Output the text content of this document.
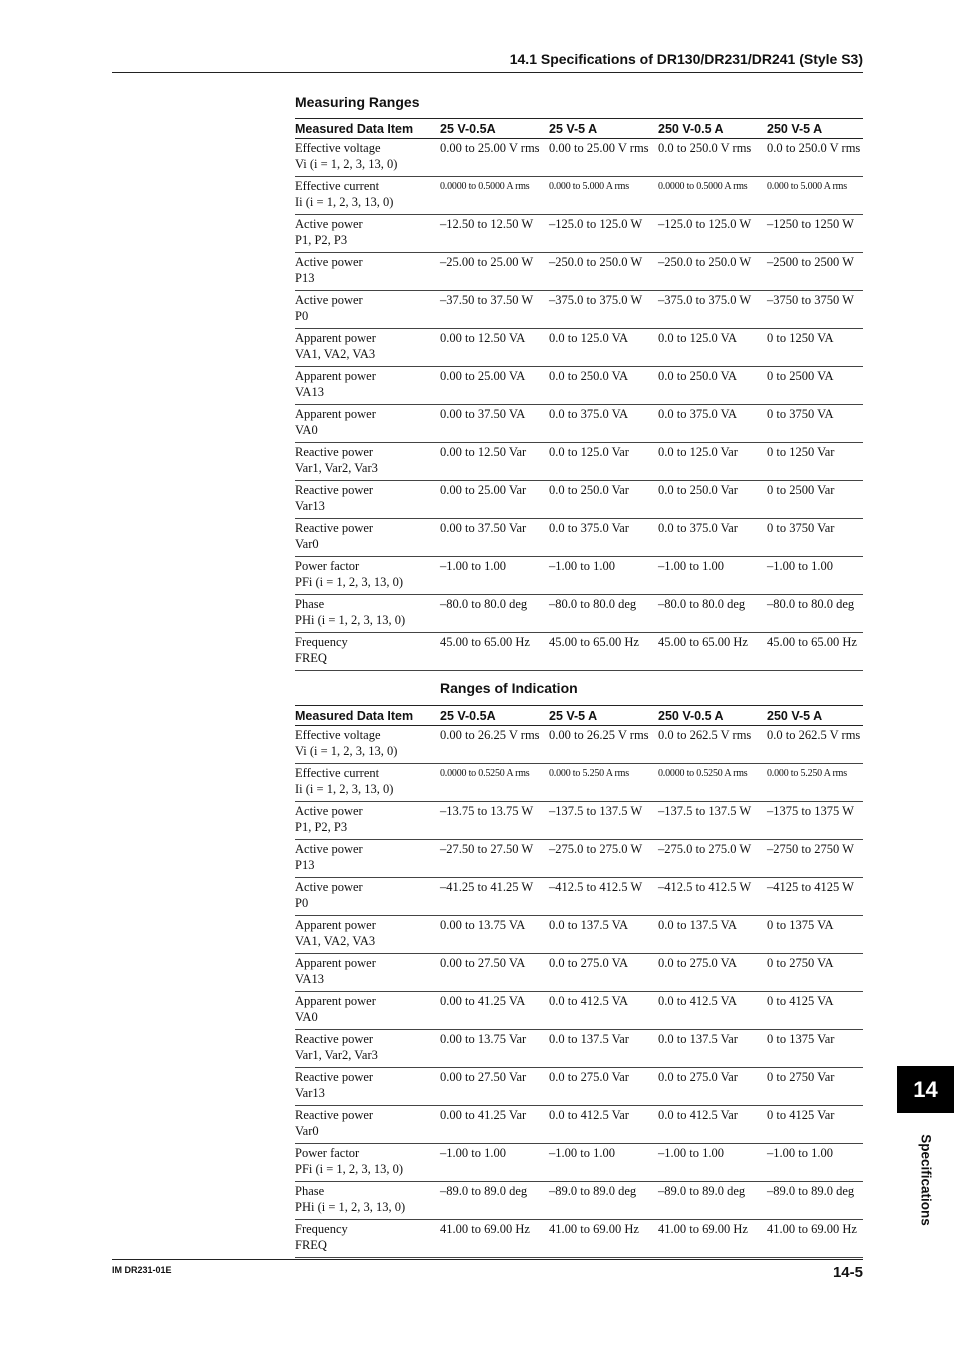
14.1 Specifications of DR130/DR231/DR241 (Style S3)
Measuring Ranges
Measured Data Item	25 V-0.5A	25 V-5 A	250 V-0.5 A	250 V-5 A

Effective voltage
Vi (i = 1, 2, 3, 13, 0)	0.00 to 25.00 V rms	0.00 to 25.00 V rms	0.0 to 250.0 V rms	0.0 to 250.0 V rms

Effective current
Ii (i = 1, 2, 3, 13, 0)	0.0000 to 0.5000 A rms	0.000 to 5.000 A rms	0.0000 to 0.5000 A rms	0.000 to 5.000 A rms

Active power
P1, P2, P3	–12.50 to 12.50 W	–125.0 to 125.0 W	–125.0 to 125.0 W	–1250 to 1250 W

Active power
P13	–25.00 to 25.00 W	–250.0 to 250.0 W	–250.0 to 250.0 W	–2500 to 2500 W

Active power
P0	–37.50 to 37.50 W	–375.0 to 375.0 W	–375.0 to 375.0 W	–3750 to 3750 W

Apparent power
VA1, VA2, VA3	0.00 to 12.50 VA	0.0 to 125.0 VA	0.0 to 125.0 VA	0 to 1250 VA

Apparent power
VA13	0.00 to 25.00 VA	0.0 to 250.0 VA	0.0 to 250.0 VA	0 to 2500 VA

Apparent power
VA0	0.00 to 37.50 VA	0.0 to 375.0 VA	0.0 to 375.0 VA	0 to 3750 VA

Reactive power
Var1, Var2, Var3	0.00 to 12.50 Var	0.0 to 125.0 Var	0.0 to 125.0 Var	0 to 1250 Var

Reactive power
Var13	0.00 to 25.00 Var	0.0 to 250.0 Var	0.0 to 250.0 Var	0 to 2500 Var

Reactive power
Var0	0.00 to 37.50 Var	0.0 to 375.0 Var	0.0 to 375.0 Var	0 to 3750 Var

Power factor
PFi (i = 1, 2, 3, 13, 0)	–1.00 to 1.00	–1.00 to 1.00	–1.00 to 1.00	–1.00 to 1.00

Phase
PHi (i = 1, 2, 3, 13, 0)	–80.0 to 80.0 deg	–80.0 to 80.0 deg	–80.0 to 80.0 deg	–80.0 to 80.0 deg

Frequency
FREQ	45.00 to 65.00 Hz	45.00 to 65.00 Hz	45.00 to 65.00 Hz	45.00 to 65.00 Hz
Ranges of Indication
Measured Data Item	25 V-0.5A	25 V-5 A	250 V-0.5 A	250 V-5 A

Effective voltage
Vi (i = 1, 2, 3, 13, 0)	0.00 to 26.25 V rms	0.00 to 26.25 V rms	0.0 to 262.5 V rms	0.0 to 262.5 V rms

Effective current
Ii (i = 1, 2, 3, 13, 0)	0.0000 to 0.5250 A rms	0.000 to 5.250 A rms	0.0000 to 0.5250 A rms	0.000 to 5.250 A rms

Active power
P1, P2, P3	–13.75 to 13.75 W	–137.5 to 137.5 W	–137.5 to 137.5 W	–1375 to 1375 W

Active power
P13	–27.50 to 27.50 W	–275.0 to 275.0 W	–275.0 to 275.0 W	–2750 to 2750 W

Active power
P0	–41.25 to 41.25 W	–412.5 to 412.5 W	–412.5 to 412.5 W	–4125 to 4125 W

Apparent power
VA1, VA2, VA3	0.00 to 13.75 VA	0.0 to 137.5 VA	0.0 to 137.5 VA	0 to 1375 VA

Apparent power
VA13	0.00 to 27.50 VA	0.0 to 275.0 VA	0.0 to 275.0 VA	0 to 2750 VA

Apparent power
VA0	0.00 to 41.25 VA	0.0 to 412.5 VA	0.0 to 412.5 VA	0 to 4125 VA

Reactive power
Var1, Var2, Var3	0.00 to 13.75 Var	0.0 to 137.5 Var	0.0 to 137.5 Var	0 to 1375 Var

Reactive power
Var13	0.00 to 27.50 Var	0.0 to 275.0 Var	0.0 to 275.0 Var	0 to 2750 Var

Reactive power
Var0	0.00 to 41.25 Var	0.0 to 412.5 Var	0.0 to 412.5 Var	0 to 4125 Var

Power factor
PFi (i = 1, 2, 3, 13, 0)	–1.00 to 1.00	–1.00 to 1.00	–1.00 to 1.00	–1.00 to 1.00

Phase
PHi (i = 1, 2, 3, 13, 0)	–89.0 to 89.0 deg	–89.0 to 89.0 deg	–89.0 to 89.0 deg	–89.0 to 89.0 deg

Frequency
FREQ	41.00 to 69.00 Hz	41.00 to 69.00 Hz	41.00 to 69.00 Hz	41.00 to 69.00 Hz
14
Specifications
IM DR231-01E	14-5
